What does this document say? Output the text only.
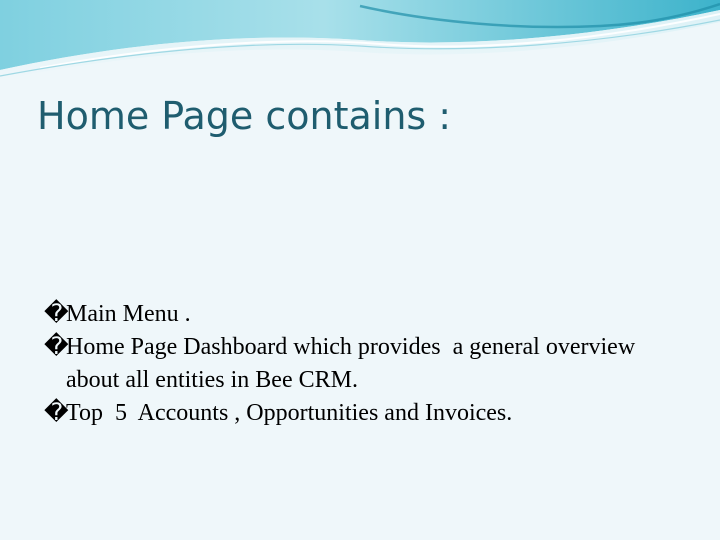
Home Page contains :
�
Main Menu .
�
Home Page Dashboard which provides  a general overview about all entities in Bee CRM.
�
Top  5  Accounts , Opportunities and Invoices.
